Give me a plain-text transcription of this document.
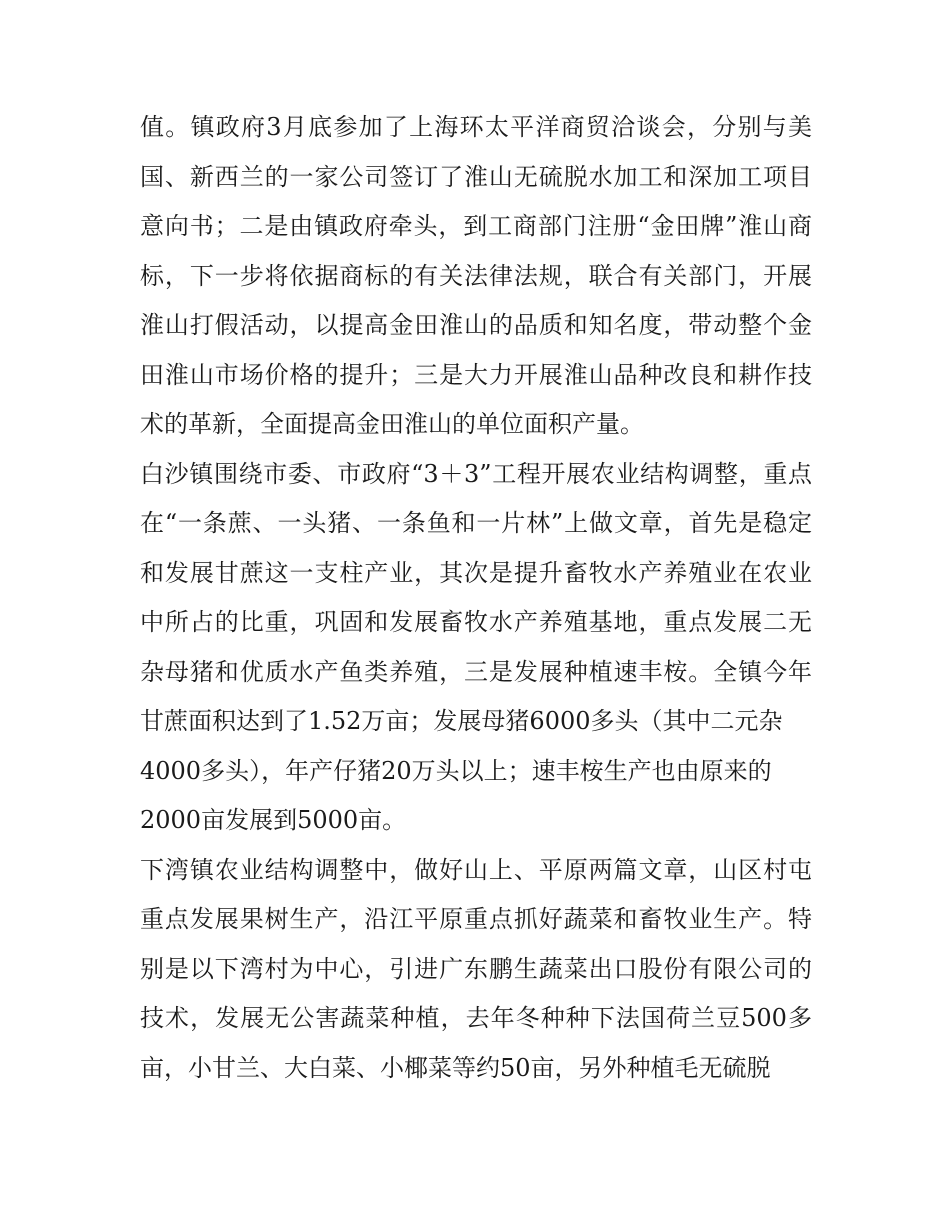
值。镇政府3月底参加了上海环太平洋商贸洽谈会，分别与美
国、新西兰的一家公司签订了淮山无硫脱水加工和深加工项目
意向书；二是由镇政府牵头，到工商部门注册“金田牌”淮山商
标，下一步将依据商标的有关法律法规，联合有关部门，开展
淮山打假活动，以提高金田淮山的品质和知名度，带动整个金
田淮山市场价格的提升；三是大力开展淮山品种改良和耕作技
术的革新，全面提高金田淮山的单位面积产量。
白沙镇围绕市委、市政府“3＋3”工程开展农业结构调整，重点
在“一条蔗、一头猪、一条鱼和一片林”上做文章，首先是稳定
和发展甘蔗这一支柱产业，其次是提升畜牧水产养殖业在农业
中所占的比重，巩固和发展畜牧水产养殖基地，重点发展二无
杂母猪和优质水产鱼类养殖，三是发展种植速丰桉。全镇今年
甘蔗面积达到了1.52万亩；发展母猪6000多头（其中二元杂
4000多头），年产仔猪20万头以上；速丰桉生产也由原来的
2000亩发展到5000亩。
下湾镇农业结构调整中，做好山上、平原两篇文章，山区村屯
重点发展果树生产，沿江平原重点抓好蔬菜和畜牧业生产。特
别是以下湾村为中心，引进广东鹏生蔬菜出口股份有限公司的
技术，发展无公害蔬菜种植，去年冬种种下法国荷兰豆500多
亩，小甘兰、大白菜、小椰菜等约50亩，另外种植毛无硫脱
